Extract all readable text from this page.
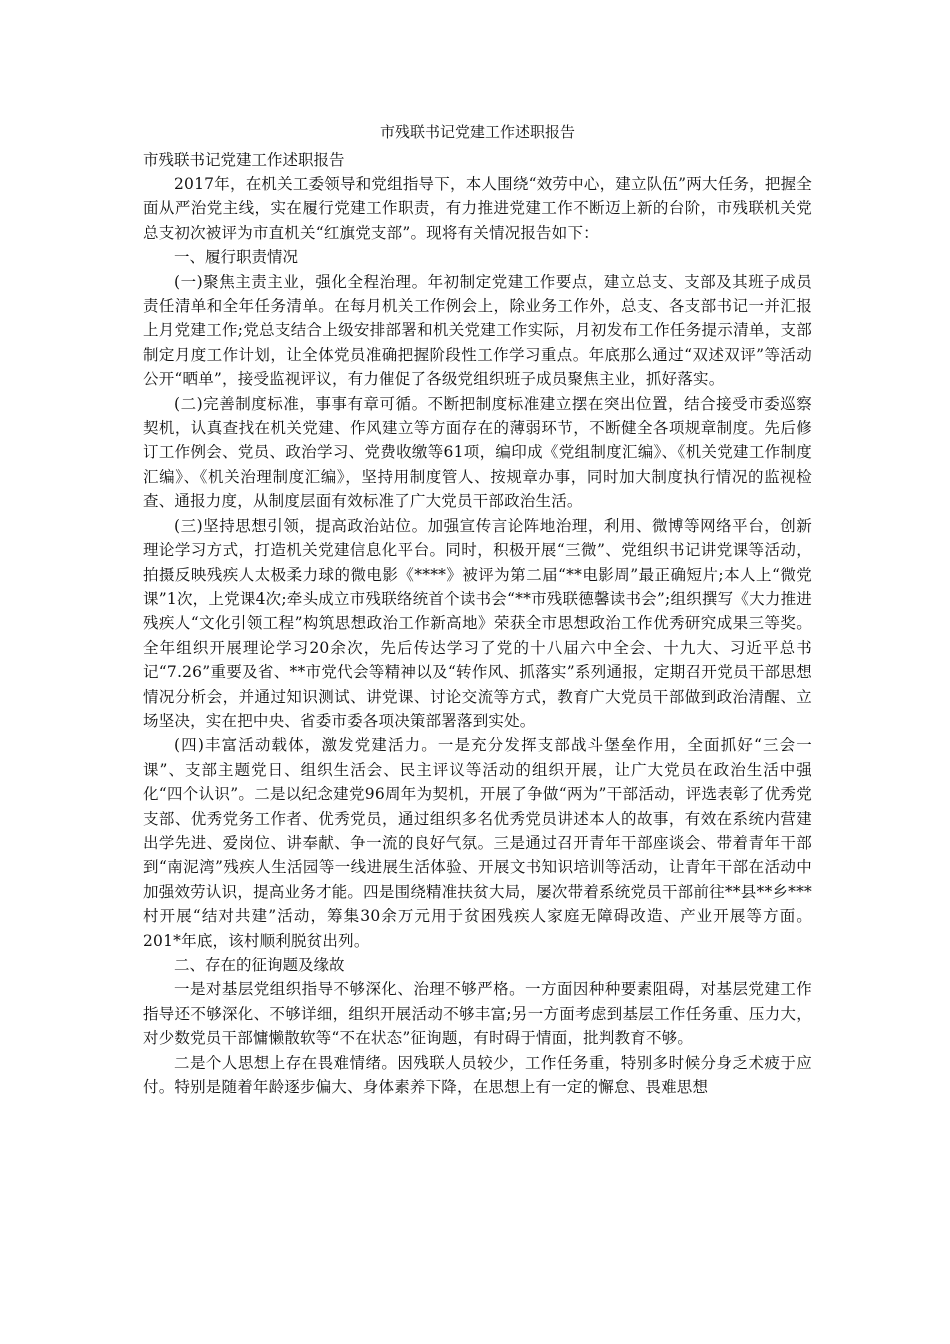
市残联书记党建工作述职报告

市残联书记党建工作述职报告

2017年，在机关工委领导和党组指导下，本人围绕“效劳中心，建立队伍”两大任务，把握全面从严治党主线，实在履行党建工作职责，有力推进党建工作不断迈上新的台阶，市残联机关党总支初次被评为市直机关“红旗党支部”。现将有关情况报告如下：

一、履行职责情况

(一)聚焦主责主业，强化全程治理。年初制定党建工作要点，建立总支、支部及其班子成员责任清单和全年任务清单。在每月机关工作例会上，除业务工作外，总支、各支部书记一并汇报上月党建工作;党总支结合上级安排部署和机关党建工作实际，月初发布工作任务提示清单，支部制定月度工作计划，让全体党员准确把握阶段性工作学习重点。年底那么通过“双述双评”等活动公开“晒单”，接受监视评议，有力催促了各级党组织班子成员聚焦主业，抓好落实。

(二)完善制度标准，事事有章可循。不断把制度标准建立摆在突出位置，结合接受市委巡察契机，认真查找在机关党建、作风建立等方面存在的薄弱环节，不断健全各项规章制度。先后修订工作例会、党员、政治学习、党费收缴等61项，编印成《党组制度汇编》、《机关党建工作制度汇编》、《机关治理制度汇编》，坚持用制度管人、按规章办事，同时加大制度执行情况的监视检查、通报力度，从制度层面有效标准了广大党员干部政治生活。

(三)坚持思想引领，提高政治站位。加强宣传言论阵地治理，利用、微博等网络平台，创新理论学习方式，打造机关党建信息化平台。同时，积极开展“三微”、党组织书记讲党课等活动，拍摄反映残疾人太极柔力球的微电影《****》被评为第二届“**电影周”最正确短片;本人上“微党课”1次，上党课4次;牵头成立市残联络统首个读书会“**市残联德馨读书会”;组织撰写《大力推进残疾人“文化引领工程”构筑思想政治工作新高地》荣获全市思想政治工作优秀研究成果三等奖。全年组织开展理论学习20余次，先后传达学习了党的十八届六中全会、十九大、习近平总书记“7.26”重要及省、**市党代会等精神以及“转作风、抓落实”系列通报，定期召开党员干部思想情况分析会，并通过知识测试、讲党课、讨论交流等方式，教育广大党员干部做到政治清醒、立场坚决，实在把中央、省委市委各项决策部署落到实处。

(四)丰富活动载体，激发党建活力。一是充分发挥支部战斗堡垒作用，全面抓好“三会一课”、支部主题党日、组织生活会、民主评议等活动的组织开展，让广大党员在政治生活中强化“四个认识”。二是以纪念建党96周年为契机，开展了争做“两为”干部活动，评选表彰了优秀党支部、优秀党务工作者、优秀党员，通过组织多名优秀党员讲述本人的故事，有效在系统内营建出学先进、爱岗位、讲奉献、争一流的良好气氛。三是通过召开青年干部座谈会、带着青年干部到“南泥湾”残疾人生活园等一线进展生活体验、开展文书知识培训等活动，让青年干部在活动中加强效劳认识，提高业务才能。四是围绕精准扶贫大局，屡次带着系统党员干部前往**县**乡***村开展“结对共建”活动，筹集30余万元用于贫困残疾人家庭无障碍改造、产业开展等方面。201*年底，该村顺利脱贫出列。

二、存在的征询题及缘故

一是对基层党组织指导不够深化、治理不够严格。一方面因种种要素阻碍，对基层党建工作指导还不够深化、不够详细，组织开展活动不够丰富;另一方面考虑到基层工作任务重、压力大，对少数党员干部慵懒散软等“不在状态”征询题，有时碍于情面，批判教育不够。

二是个人思想上存在畏难情绪。因残联人员较少，工作任务重，特别多时候分身乏术疲于应付。特别是随着年龄逐步偏大、身体素养下降，在思想上有一定的懈怠、畏难思想
